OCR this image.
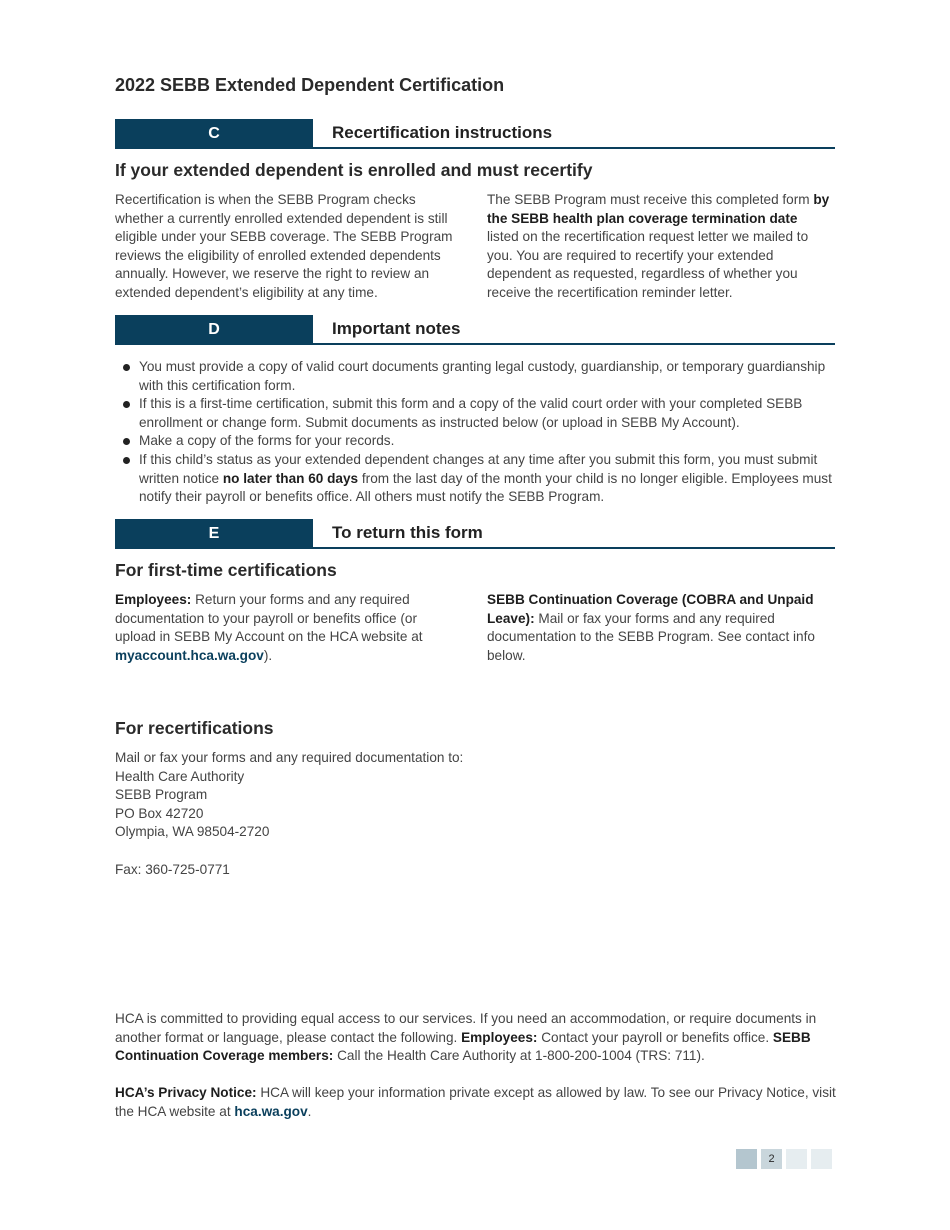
2022 SEBB Extended Dependent Certification
C	Recertification instructions
If your extended dependent is enrolled and must recertify

Recertification is when the SEBB Program checks whether a currently enrolled extended dependent is still eligible under your SEBB coverage. The SEBB Program reviews the eligibility of enrolled extended dependents annually. However, we reserve the right to review an extended dependent’s eligibility at any time.

The SEBB Program must receive this completed form by the SEBB health plan coverage termination date listed on the recertification request letter we mailed to you. You are required to recertify your extended dependent as requested, regardless of whether you receive the recertification reminder letter.

D	Important notes
You must provide a copy of valid court documents granting legal custody, guardianship, or temporary guardianship with this certification form.
If this is a first-time certification, submit this form and a copy of the valid court order with your completed SEBB enrollment or change form. Submit documents as instructed below (or upload in SEBB My Account).
Make a copy of the forms for your records.
If this child’s status as your extended dependent changes at any time after you submit this form, you must submit written notice no later than 60 days from the last day of the month your child is no longer eligible. Employees must notify their payroll or benefits office. All others must notify the SEBB Program.
E	To return this form
For first-time certifications

Employees: Return your forms and any required documentation to your payroll or benefits office (or upload in SEBB My Account on the HCA website at myaccount.hca.wa.gov).

SEBB Continuation Coverage (COBRA and Unpaid Leave): Mail or fax your forms and any required documentation to the SEBB Program. See contact info below.

For recertifications

Mail or fax your forms and any required documentation to:
Health Care Authority
SEBB Program
PO Box 42720
Olympia, WA 98504-2720

Fax: 360-725-0771

HCA is committed to providing equal access to our services. If you need an accommodation, or require documents in another format or language, please contact the following. Employees: Contact your payroll or benefits office. SEBB Continuation Coverage members: Call the Health Care Authority at 1-800-200-1004 (TRS: 711).

HCA’s Privacy Notice: HCA will keep your information private except as allowed by law. To see our Privacy Notice, visit the HCA website at hca.wa.gov.

2
